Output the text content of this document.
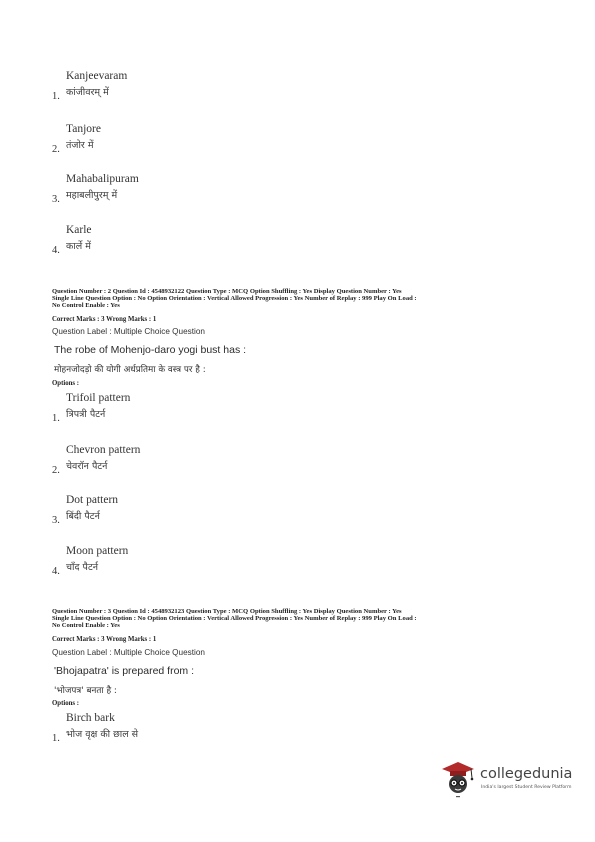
Kanjeevaram
1. कांजीवरम् में
Tanjore
2. तंजोर में
Mahabalipuram
3. महाबलीपुरम् में
Karle
4. कार्ले में
Question Number : 2 Question Id : 4548932122 Question Type : MCQ Option Shuffling : Yes Display Question Number : Yes
Single Line Question Option : No Option Orientation : Vertical Allowed Progression : Yes Number of Replay : 999 Play On Load :
No Control Enable : Yes
Correct Marks : 3 Wrong Marks : 1
Question Label : Multiple Choice Question
The robe of Mohenjo-daro yogi bust has :
मोहनजोदड़ो की योगी अर्धप्रतिमा के वस्त्र पर है :
Options :
Trifoil pattern
1. त्रिपत्री पैटर्न
Chevron pattern
2. चेवरॉन पैटर्न
Dot pattern
3. बिंदी पैटर्न
Moon pattern
4. चाँद पैटर्न
Question Number : 3 Question Id : 4548932123 Question Type : MCQ Option Shuffling : Yes Display Question Number : Yes
Single Line Question Option : No Option Orientation : Vertical Allowed Progression : Yes Number of Replay : 999 Play On Load :
No Control Enable : Yes
Correct Marks : 3 Wrong Marks : 1
Question Label : Multiple Choice Question
'Bhojapatra' is prepared from :
'भोजपत्र' बनता है :
Options :
Birch bark
1. भोज वृक्ष की छाल से
collegedunia
India's largest Student Review Platform
